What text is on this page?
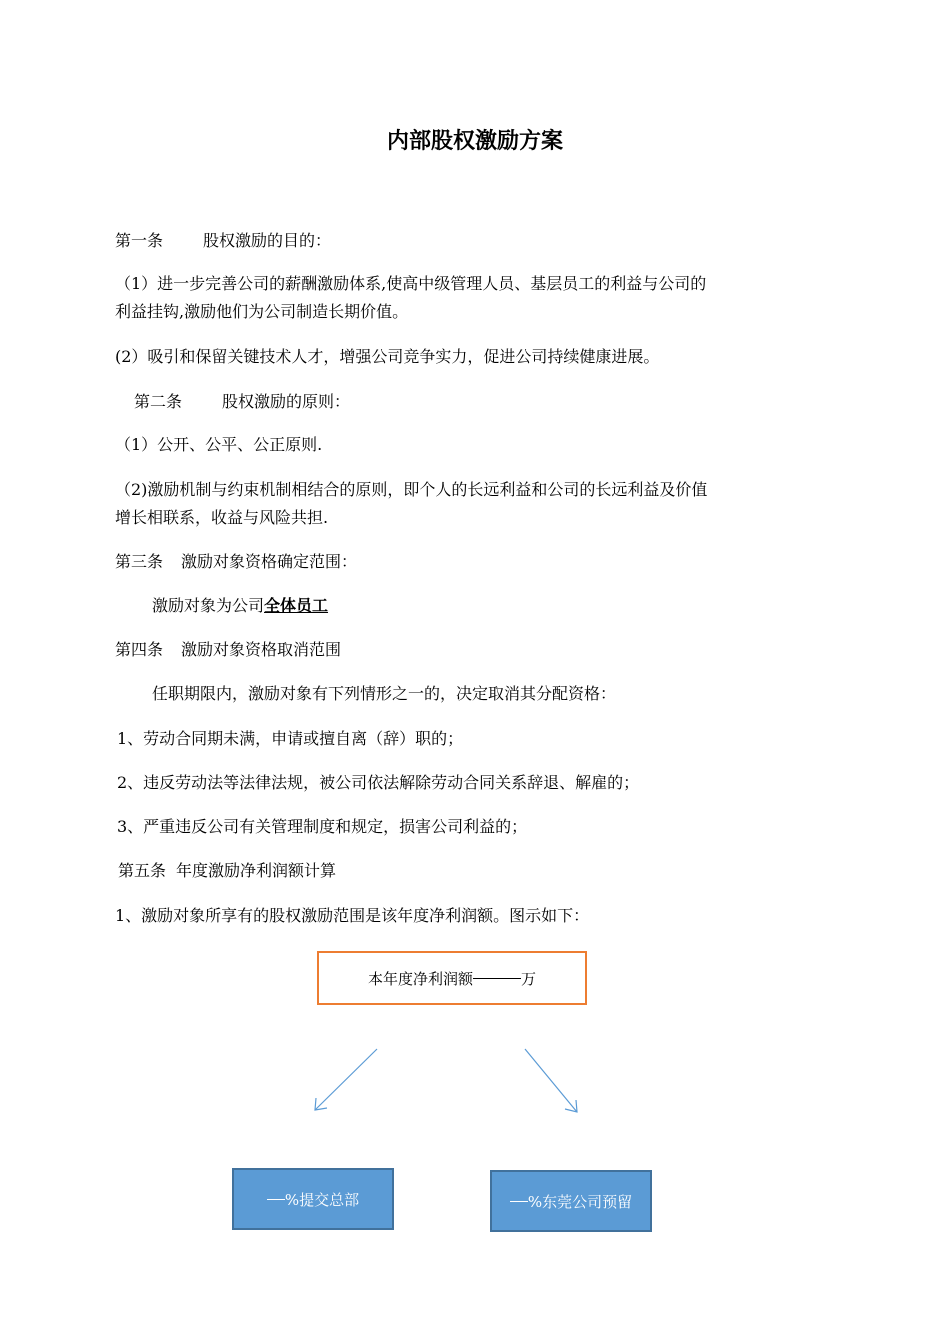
内部股权激励方案
第一条	股权激励的目的：
（1）进一步完善公司的薪酬激励体系,使高中级管理人员、基层员工的利益与公司的
利益挂钩,激励他们为公司制造长期价值。
(2）吸引和保留关键技术人才，增强公司竞争实力，促进公司持续健康进展。
第二条	股权激励的原则：
（1）公开、公平、公正原则.
（2)激励机制与约束机制相结合的原则，即个人的长远利益和公司的长远利益及价值
增长相联系，收益与风险共担.
第三条 激励对象资格确定范围：
激励对象为公司全体员工
第四条 激励对象资格取消范围
任职期限内，激励对象有下列情形之一的，决定取消其分配资格：
1、劳动合同期未满，申请或擅自离（辞）职的；
2、违反劳动法等法律法规，被公司依法解除劳动合同关系辞退、解雇的；
3、严重违反公司有关管理制度和规定，损害公司利益的；
第五条 年度激励净利润额计算
1、激励对象所享有的股权激励范围是该年度净利润额。图示如下：
本年度净利润额	万
%提交总部	%东莞公司预留
